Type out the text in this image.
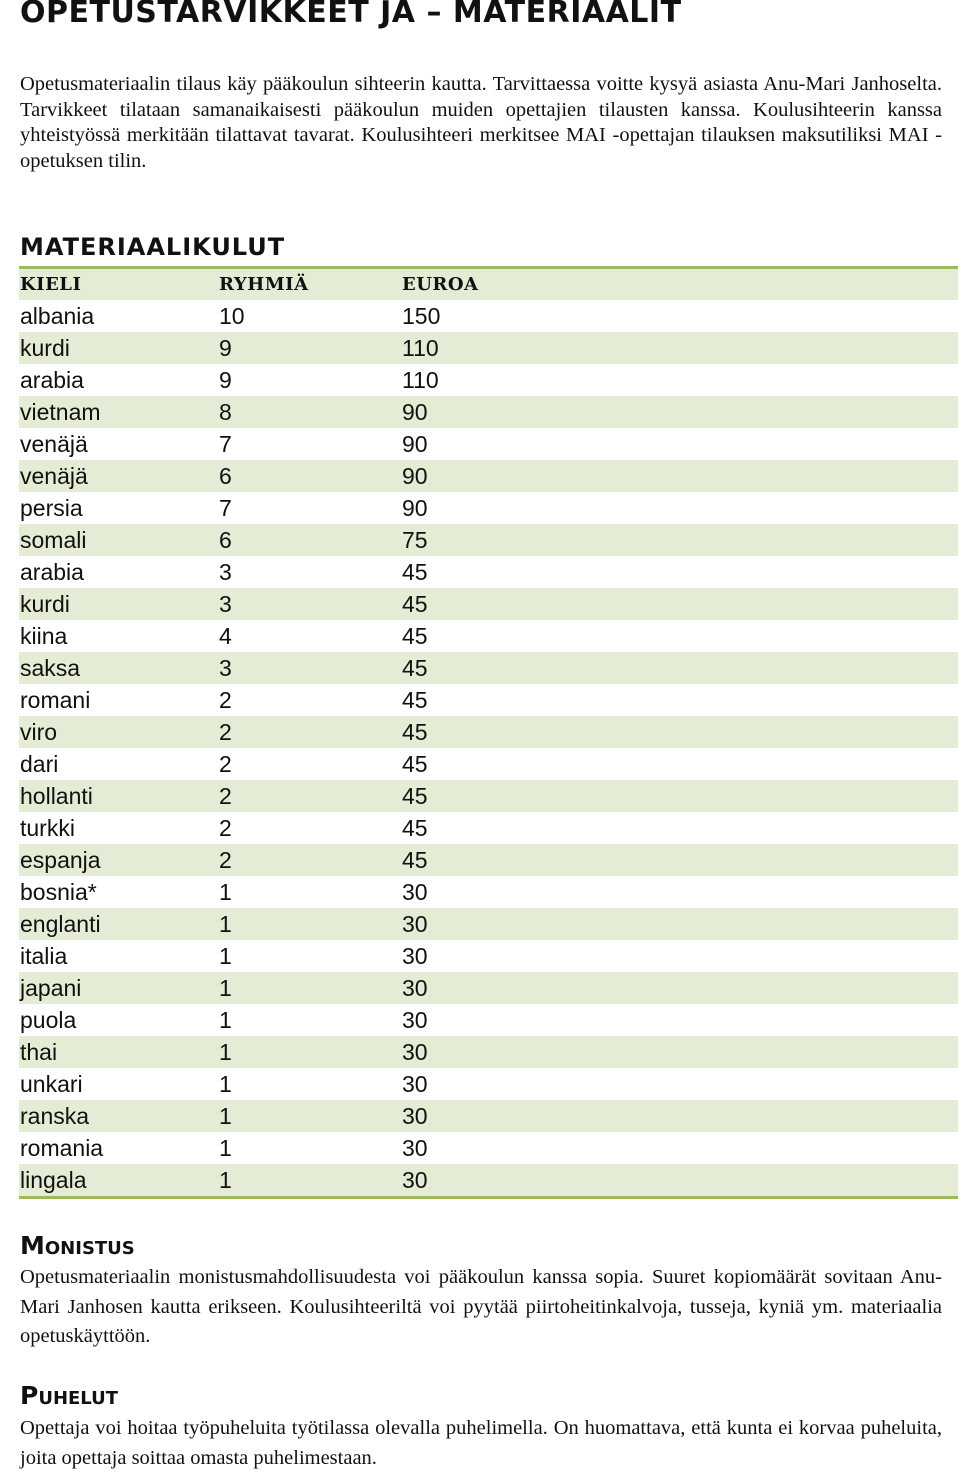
OPETUSTARVIKKEET JA – MATERIAALIT

Opetusmateriaalin tilaus käy pääkoulun sihteerin kautta. Tarvittaessa voitte kysyä asiasta Anu-Mari Janhoselta. Tarvikkeet tilataan samanaikaisesti pääkoulun muiden opettajien tilausten kanssa. Koulusihteerin kanssa yhteistyössä merkitään tilattavat tavarat. Koulusihteeri merkitsee MAI -opettajan tilauksen maksutiliksi MAI -opetuksen tilin.

MATERIAALIKULUT
KIELI	RYHMIÄ	EUROA
albania	10	150
kurdi	9	110
arabia	9	110
vietnam	8	90
venäjä	7	90
venäjä	6	90
persia	7	90
somali	6	75
arabia	3	45
kurdi	3	45
kiina	4	45
saksa	3	45
romani	2	45
viro	2	45
dari	2	45
hollanti	2	45
turkki	2	45
espanja	2	45
bosnia*	1	30
englanti	1	30
italia	1	30
japani	1	30
puola	1	30
thai	1	30
unkari	1	30
ranska	1	30
romania	1	30
lingala	1	30
Monistus

Opetusmateriaalin monistusmahdollisuudesta voi pääkoulun kanssa sopia. Suuret kopiomäärät sovitaan Anu-Mari Janhosen kautta erikseen. Koulusihteeriltä voi pyytää piirtoheitinkalvoja, tusseja, kyniä ym. materiaalia opetuskäyttöön.

Puhelut

Opettaja voi hoitaa työpuheluita työtilassa olevalla puhelimella. On huomattava, että kunta ei korvaa puheluita, joita opettaja soittaa omasta puhelimestaan.
